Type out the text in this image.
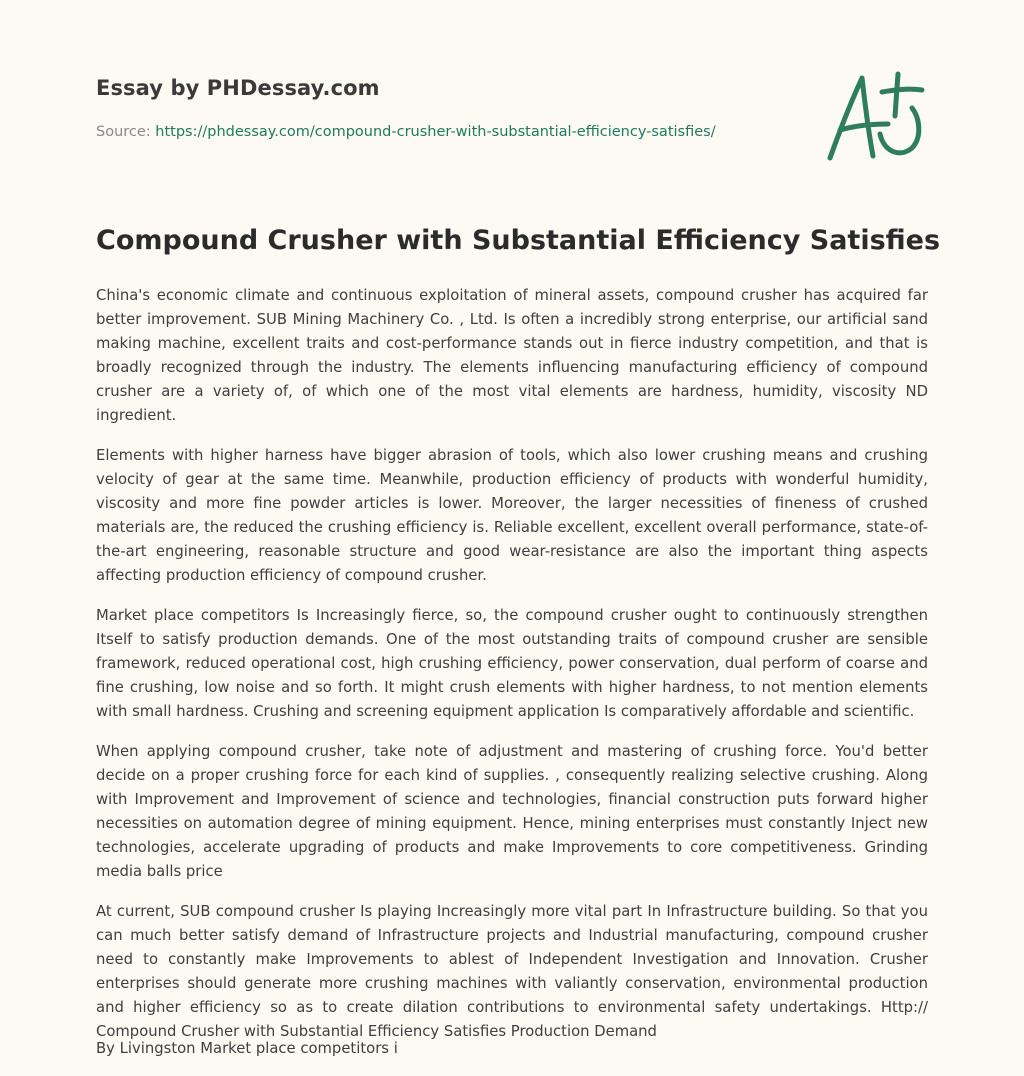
Essay by PHDessay.com
Source: https://phdessay.com/compound-crusher-with-substantial-efficiency-satisfies/
Compound Crusher with Substantial Efficiency Satisfies

China's economic climate and continuous exploitation of mineral assets, compound crusher has acquired far better improvement. SUB Mining Machinery Co. , Ltd. Is often a incredibly strong enterprise, our artificial sand making machine, excellent traits and cost-performance stands out in fierce industry competition, and that is broadly recognized through the industry. The elements influencing manufacturing efficiency of compound crusher are a variety of, of which one of the most vital elements are hardness, humidity, viscosity ND ingredient.

Elements with higher harness have bigger abrasion of tools, which also lower crushing means and crushing velocity of gear at the same time. Meanwhile, production efficiency of products with wonderful humidity, viscosity and more fine powder articles is lower. Moreover, the larger necessities of fineness of crushed materials are, the reduced the crushing efficiency is. Reliable excellent, excellent overall performance, state-of-the-art engineering, reasonable structure and good wear-resistance are also the important thing aspects affecting production efficiency of compound crusher.

Market place competitors Is Increasingly fierce, so, the compound crusher ought to continuously strengthen Itself to satisfy production demands. One of the most outstanding traits of compound crusher are sensible framework, reduced operational cost, high crushing efficiency, power conservation, dual perform of coarse and fine crushing, low noise and so forth. It might crush elements with higher hardness, to not mention elements with small hardness. Crushing and screening equipment application Is comparatively affordable and scientific.

When applying compound crusher, take note of adjustment and mastering of crushing force. You'd better decide on a proper crushing force for each kind of supplies. , consequently realizing selective crushing. Along with Improvement and Improvement of science and technologies, financial construction puts forward higher necessities on automation degree of mining equipment. Hence, mining enterprises must constantly Inject new technologies, accelerate upgrading of products and make Improvements to core competitiveness. Grinding media balls price

At current, SUB compound crusher Is playing Increasingly more vital part In Infrastructure building. So that you can much better satisfy demand of Infrastructure projects and Industrial manufacturing, compound crusher need to constantly make Improvements to ablest of Independent Investigation and Innovation. Crusher enterprises should generate more crushing machines with valiantly conservation, environmental production and higher efficiency so as to create dilation contributions to environmental safety undertakings. Http:// Compound Crusher with Substantial Efficiency Satisfies Production Demand

By Livingston Market place competitors i
